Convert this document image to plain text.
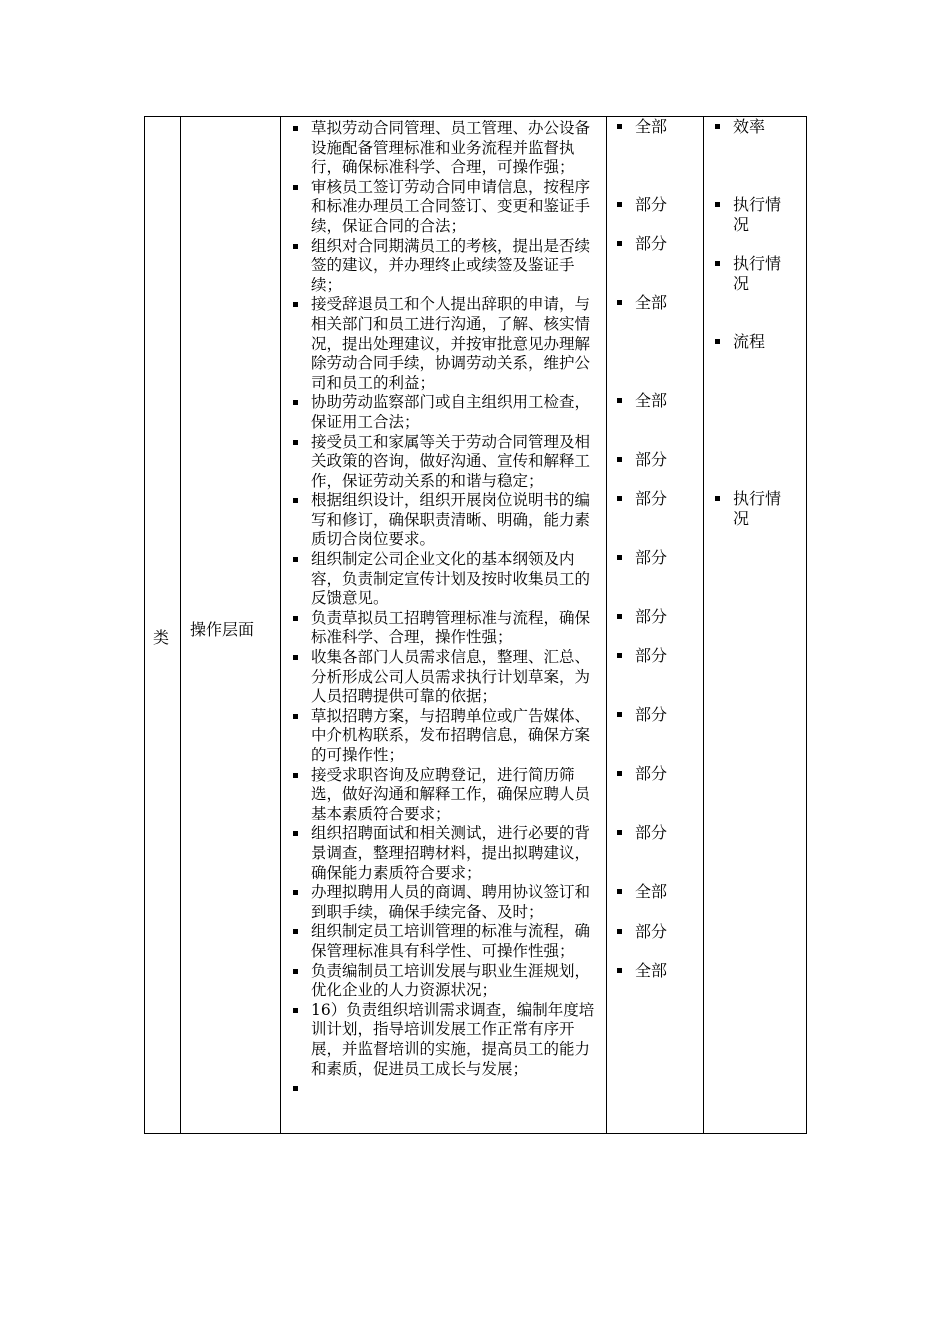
类 操作层面
草拟劳动合同管理、员工管理、办公设备设施配备管理标准和业务流程并监督执行，确保标准科学、合理，可操作强；
审核员工签订劳动合同申请信息，按程序和标准办理员工合同签订、变更和鉴证手续，保证合同的合法；
组织对合同期满员工的考核，提出是否续签的建议，并办理终止或续签及鉴证手续；
接受辞退员工和个人提出辞职的申请，与相关部门和员工进行沟通，了解、核实情况，提出处理建议，并按审批意见办理解除劳动合同手续，协调劳动关系，维护公司和员工的利益；
协助劳动监察部门或自主组织用工检查，保证用工合法；
接受员工和家属等关于劳动合同管理及相关政策的咨询，做好沟通、宣传和解释工作，保证劳动关系的和谐与稳定；
根据组织设计，组织开展岗位说明书的编写和修订，确保职责清晰、明确，能力素质切合岗位要求。
组织制定公司企业文化的基本纲领及内容，负责制定宣传计划及按时收集员工的反馈意见。
负责草拟员工招聘管理标准与流程，确保标准科学、合理，操作性强；
收集各部门人员需求信息，整理、汇总、分析形成公司人员需求执行计划草案，为人员招聘提供可靠的依据；
草拟招聘方案，与招聘单位或广告媒体、中介机构联系，发布招聘信息，确保方案的可操作性；
接受求职咨询及应聘登记，进行简历筛选，做好沟通和解释工作，确保应聘人员基本素质符合要求；
组织招聘面试和相关测试，进行必要的背景调查，整理招聘材料，提出拟聘建议，确保能力素质符合要求；
办理拟聘用人员的商调、聘用协议签订和到职手续，确保手续完备、及时；
组织制定员工培训管理的标准与流程，确保管理标准具有科学性、可操作性强；
负责编制员工培训发展与职业生涯规划，优化企业的人力资源状况；
16）负责组织培训需求调查，编制年度培训计划，指导培训发展工作正常有序开展，并监督培训的实施，提高员工的能力和素质，促进员工成长与发展；
全部
部分
部分
全部
全部
部分
部分
部分
部分
部分
部分
部分
部分
全部
部分
全部
效率
执行情况
执行情况
流程
执行情况
